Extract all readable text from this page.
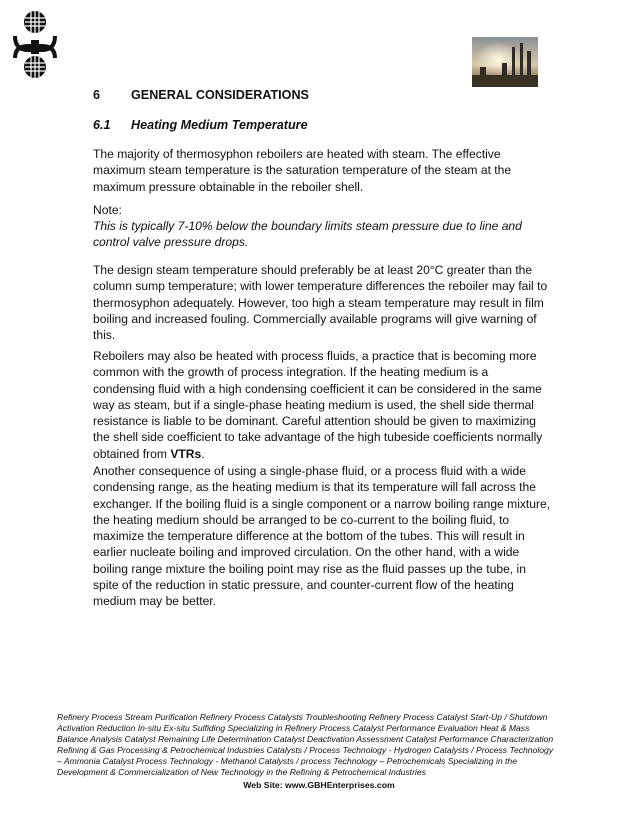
6 GENERAL CONSIDERATIONS
6.1 Heating Medium Temperature

The majority of thermosyphon reboilers are heated with steam. The effective maximum steam temperature is the saturation temperature of the steam at the maximum pressure obtainable in the reboiler shell.

Note:

This is typically 7-10% below the boundary limits steam pressure due to line and control valve pressure drops.

The design steam temperature should preferably be at least 20°C greater than the column sump temperature; with lower temperature differences the reboiler may fail to thermosyphon adequately. However, too high a steam temperature may result in film boiling and increased fouling. Commercially available programs will give warning of this.

Reboilers may also be heated with process fluids, a practice that is becoming more common with the growth of process integration. If the heating medium is a condensing fluid with a high condensing coefficient it can be considered in the same way as steam, but if a single-phase heating medium is used, the shell side thermal resistance is liable to be dominant. Careful attention should be given to maximizing the shell side coefficient to take advantage of the high tubeside coefficients normally obtained from VTRs.

Another consequence of using a single-phase fluid, or a process fluid with a wide condensing range, as the heating medium is that its temperature will fall across the exchanger. If the boiling fluid is a single component or a narrow boiling range mixture, the heating medium should be arranged to be co-current to the boiling fluid, to maximize the temperature difference at the bottom of the tubes. This will result in earlier nucleate boiling and improved circulation. On the other hand, with a wide boiling range mixture the boiling point may rise as the fluid passes up the tube, in spite of the reduction in static pressure, and counter-current flow of the heating medium may be better.

Refinery Process Stream Purification Refinery Process Catalysts Troubleshooting Refinery Process Catalyst Start-Up / Shutdown Activation Reduction In-situ Ex-situ Sulfiding Specializing in Refinery Process Catalyst Performance Evaluation Heat & Mass Balance Analysis Catalyst Remaining Life Determination Catalyst Deactivation Assessment Catalyst Performance Characterization Refining & Gas Processing & Petrochemical Industries Catalysts / Process Technology - Hydrogen Catalysts / Process Technology – Ammonia Catalyst Process Technology - Methanol Catalysts / process Technology – Petrochemicals Specializing in the Development & Commercialization of New Technology in the Refining & Petrochemical Industries
Web Site: www.GBHEnterprises.com
